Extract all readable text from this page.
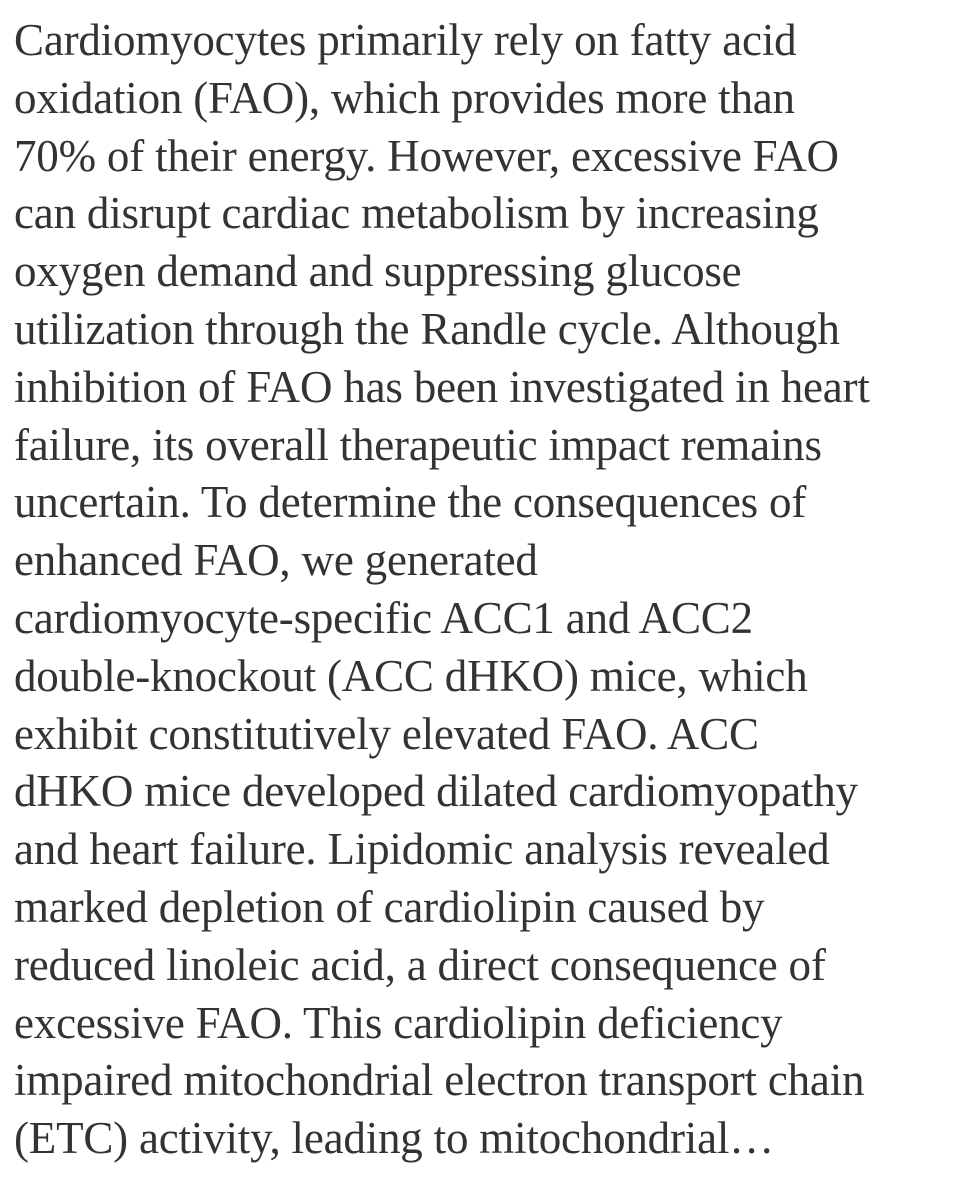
Cardiomyocytes primarily rely on fatty acid
oxidation (FAO), which provides more than
70% of their energy. However, excessive FAO
can disrupt cardiac metabolism by increasing
oxygen demand and suppressing glucose
utilization through the Randle cycle. Although
inhibition of FAO has been investigated in heart
failure, its overall therapeutic impact remains
uncertain. To determine the consequences of
enhanced FAO, we generated
cardiomyocyte-specific ACC1 and ACC2
double-knockout (ACC dHKO) mice, which
exhibit constitutively elevated FAO. ACC
dHKO mice developed dilated cardiomyopathy
and heart failure. Lipidomic analysis revealed
marked depletion of cardiolipin caused by
reduced linoleic acid, a direct consequence of
excessive FAO. This cardiolipin deficiency
impaired mitochondrial electron transport chain
(ETC) activity, leading to mitochondrial…
